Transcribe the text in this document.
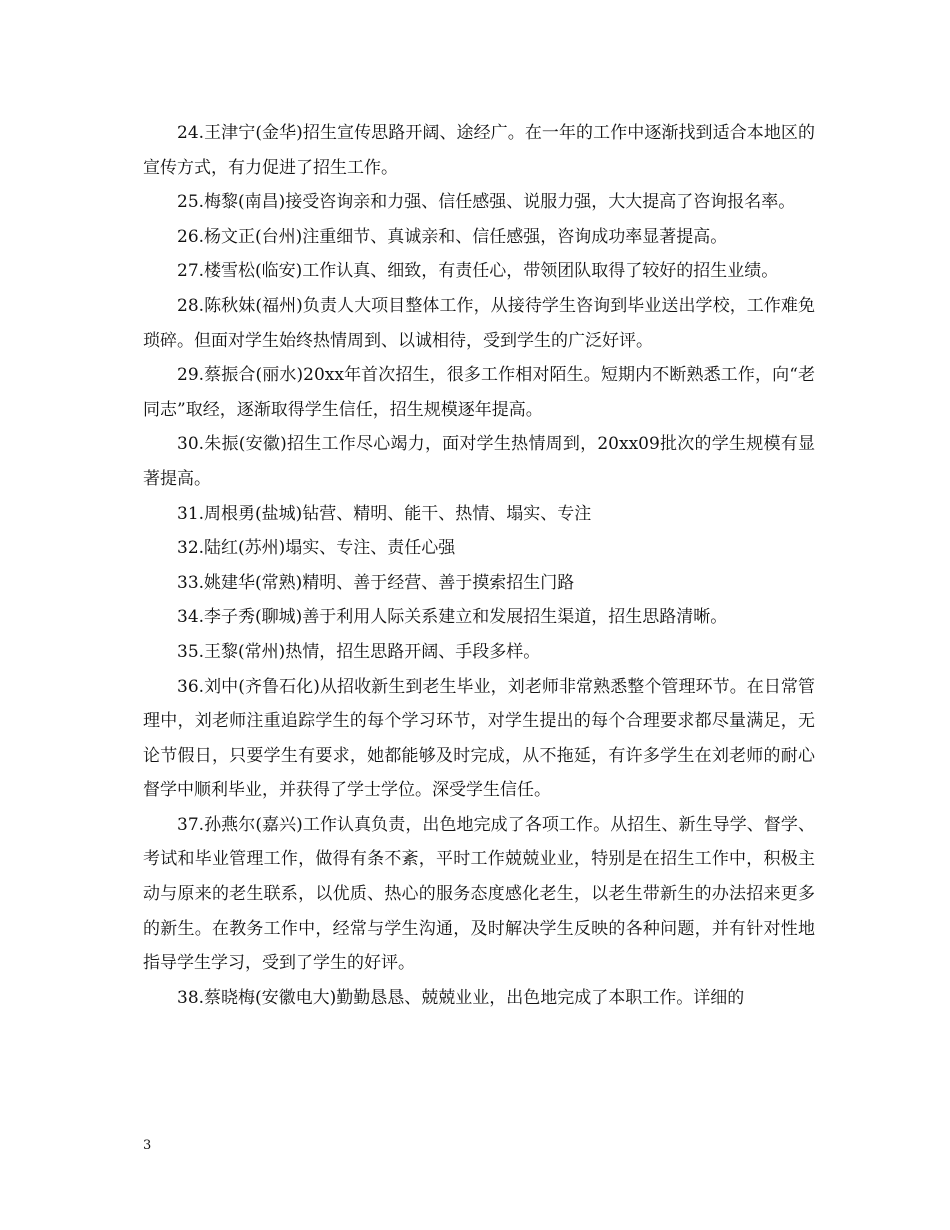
24.王津宁(金华)招生宣传思路开阔、途经广。在一年的工作中逐渐找到适合本地区的宣传方式，有力促进了招生工作。

25.梅黎(南昌)接受咨询亲和力强、信任感强、说服力强，大大提高了咨询报名率。

26.杨文正(台州)注重细节、真诚亲和、信任感强，咨询成功率显著提高。

27.楼雪松(临安)工作认真、细致，有责任心，带领团队取得了较好的招生业绩。

28.陈秋妹(福州)负责人大项目整体工作，从接待学生咨询到毕业送出学校，工作难免琐碎。但面对学生始终热情周到、以诚相待，受到学生的广泛好评。

29.蔡振合(丽水)20xx年首次招生，很多工作相对陌生。短期内不断熟悉工作，向“老同志”取经，逐渐取得学生信任，招生规模逐年提高。

30.朱振(安徽)招生工作尽心竭力，面对学生热情周到，20xx09批次的学生规模有显著提高。

31.周根勇(盐城)钻营、精明、能干、热情、塌实、专注

32.陆红(苏州)塌实、专注、责任心强

33.姚建华(常熟)精明、善于经营、善于摸索招生门路

34.李子秀(聊城)善于利用人际关系建立和发展招生渠道，招生思路清晰。

35.王黎(常州)热情，招生思路开阔、手段多样。

36.刘中(齐鲁石化)从招收新生到老生毕业，刘老师非常熟悉整个管理环节。在日常管理中，刘老师注重追踪学生的每个学习环节，对学生提出的每个合理要求都尽量满足，无论节假日，只要学生有要求，她都能够及时完成，从不拖延，有许多学生在刘老师的耐心督学中顺利毕业，并获得了学士学位。深受学生信任。

37.孙燕尔(嘉兴)工作认真负责，出色地完成了各项工作。从招生、新生导学、督学、考试和毕业管理工作，做得有条不紊，平时工作兢兢业业，特别是在招生工作中，积极主动与原来的老生联系，以优质、热心的服务态度感化老生，以老生带新生的办法招来更多的新生。在教务工作中，经常与学生沟通，及时解决学生反映的各种问题，并有针对性地指导学生学习，受到了学生的好评。

38.蔡晓梅(安徽电大)勤勤恳恳、兢兢业业，出色地完成了本职工作。详细的

3
